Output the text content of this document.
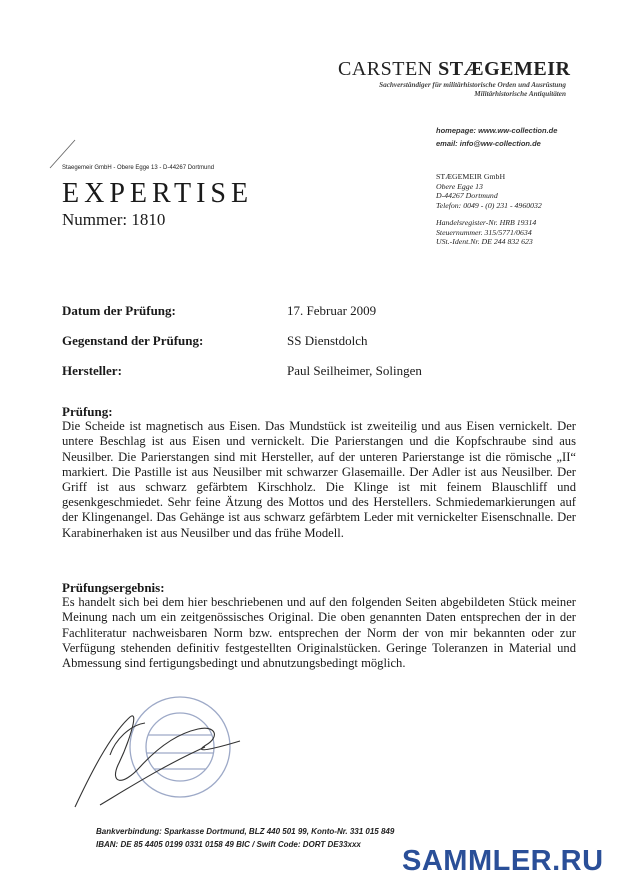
CARSTEN STÆGEMEIR
Sachverständiger für militärhistorische Orden und Ausrüstung
Militärhistorische Antiquitäten
homepage: www.ww-collection.de
email: info@ww-collection.de
STÆGEMEIR GmbH
Obere Egge 13
D-44267 Dortmund
Telefon: 0049 - (0) 231 - 4960032
Handelsregister-Nr. HRB 19314
Steuernummer. 315/5771/0634
USt.-Ident.Nr. DE 244 832 623
Staegemeir GmbH - Obere Egge 13 - D-44267 Dortmund
EXPERTISE
Nummer: 1810
Datum der Prüfung:	17. Februar 2009
Gegenstand der Prüfung:	SS Dienstdolch
Hersteller:	Paul Seilheimer, Solingen
Prüfung:
Die Scheide ist magnetisch aus Eisen. Das Mundstück ist zweiteilig und aus Eisen vernickelt. Der untere Beschlag ist aus Eisen und vernickelt. Die Parierstangen und die Kopfschraube sind aus Neusilber. Die Parierstangen sind mit Hersteller, auf der unteren Parierstange ist die römische „II“ markiert. Die Pastille ist aus Neusilber mit schwarzer Glasemaille. Der Adler ist aus Neusilber. Der Griff ist aus schwarz gefärbtem Kirschholz. Die Klinge ist mit feinem Blauschliff und gesenkgeschmiedet. Sehr feine Ätzung des Mottos und des Herstellers. Schmiedemarkierungen auf der Klingenangel. Das Gehänge ist aus schwarz gefärbtem Leder mit vernickelter Eisenschnalle. Der Karabinerhaken ist aus Neusilber und das frühe Modell.
Prüfungsergebnis:
Es handelt sich bei dem hier beschriebenen und auf den folgenden Seiten abgebildeten Stück meiner Meinung nach um ein zeitgenössisches Original. Die oben genannten Daten entsprechen der in der Fachliteratur nachweisbaren Norm bzw. entsprechen der Norm der von mir bekannten oder zur Verfügung stehenden definitiv festgestellten Originalstücken. Geringe Toleranzen in Material und Abmessung sind fertigungsbedingt und abnutzungsbedingt möglich.
Bankverbindung: Sparkasse Dortmund, BLZ 440 501 99, Konto-Nr. 331 015 849
IBAN: DE 85 4405 0199 0331 0158 49 BIC / Swift Code: DORT DE33xxx
SAMMLER.RU
